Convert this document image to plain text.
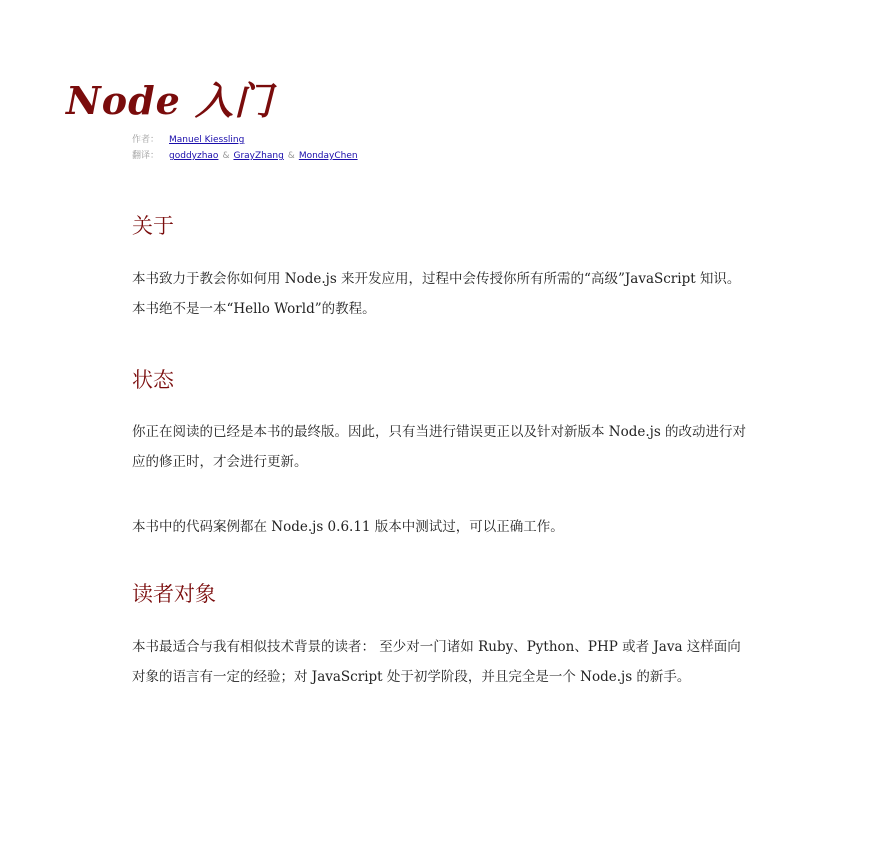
Node 入门
作者： Manuel Kiessling
翻译： goddyzhao & GrayZhang & MondayChen
关于

本书致力于教会你如何用 Node.js 来开发应用，过程中会传授你所有所需的“高级”JavaScript 知识。本书绝不是一本“Hello World”的教程。

状态

你正在阅读的已经是本书的最终版。因此，只有当进行错误更正以及针对新版本 Node.js 的改动进行对应的修正时，才会进行更新。

本书中的代码案例都在 Node.js 0.6.11 版本中测试过，可以正确工作。

读者对象

本书最适合与我有相似技术背景的读者： 至少对一门诸如 Ruby、Python、PHP 或者 Java 这样面向对象的语言有一定的经验；对 JavaScript 处于初学阶段，并且完全是一个 Node.js 的新手。
